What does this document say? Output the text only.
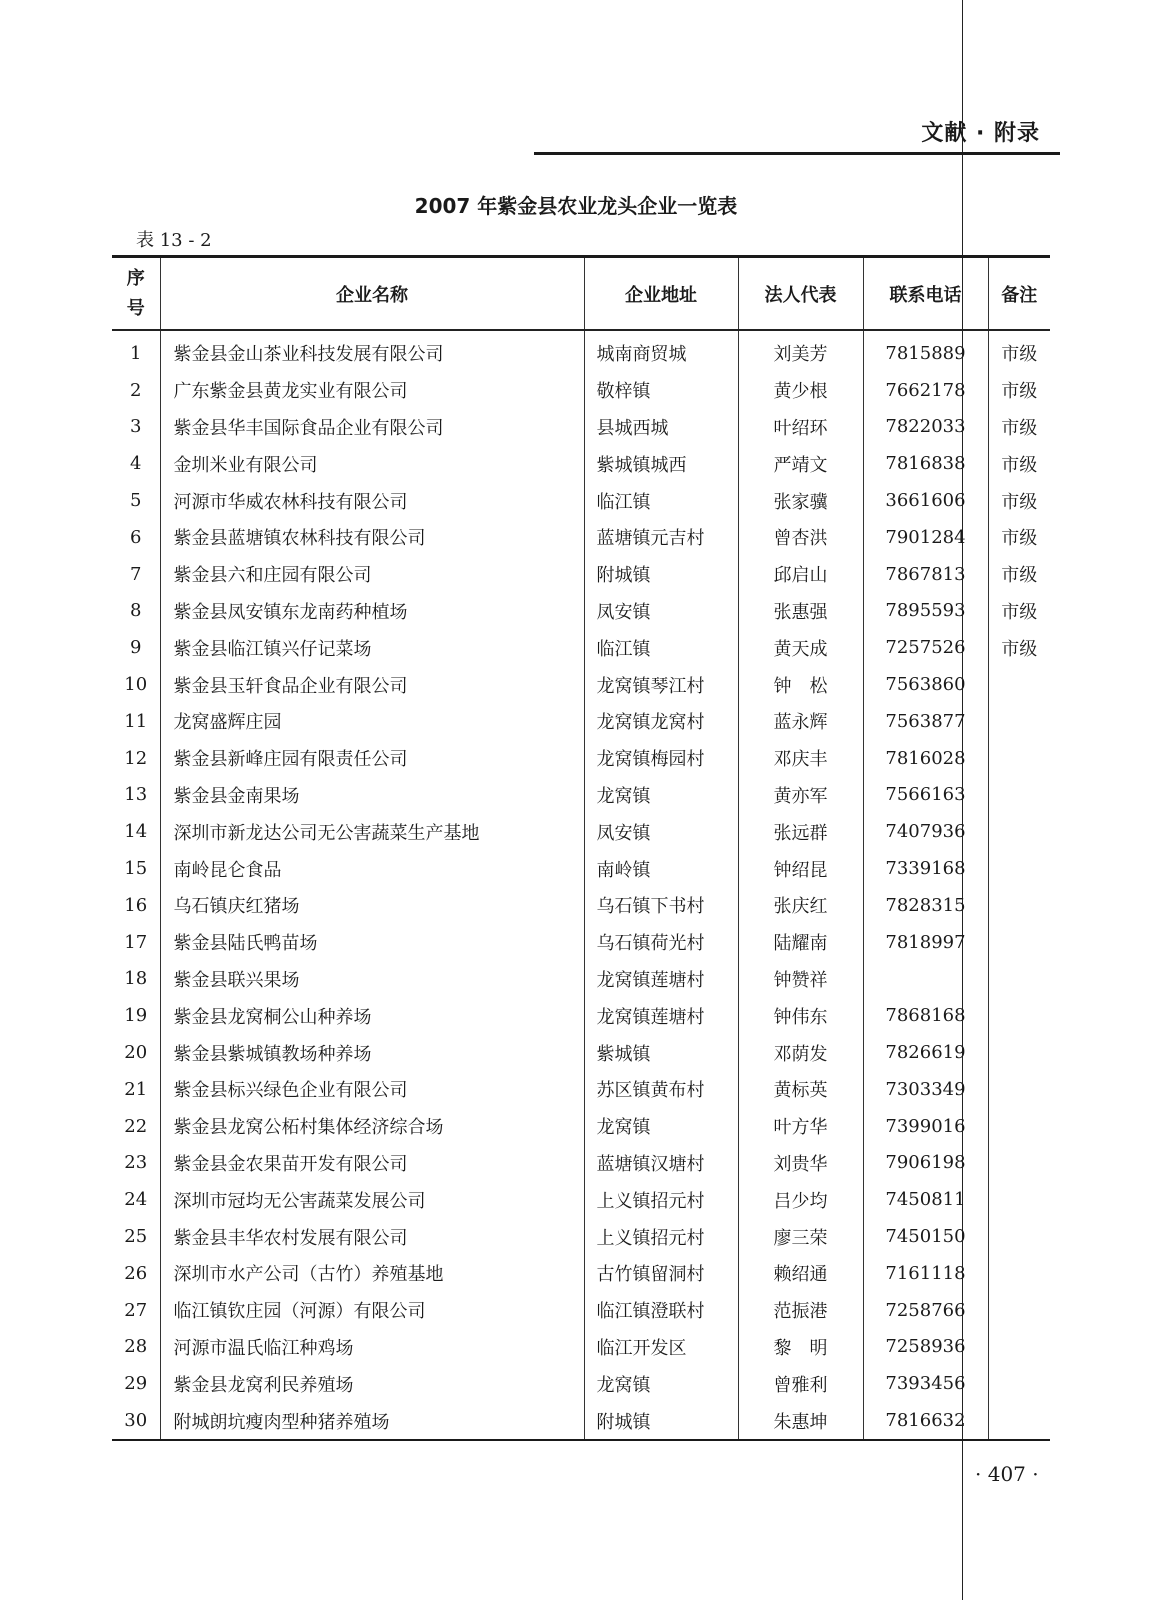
文献 · 附录
2007 年紫金县农业龙头企业一览表
表 13 - 2
序
号	企业名称	企业地址	法人代表	联系电话	备注
1	紫金县金山茶业科技发展有限公司	城南商贸城	刘美芳	7815889	市级
2	广东紫金县黄龙实业有限公司	敬梓镇	黄少根	7662178	市级
3	紫金县华丰国际食品企业有限公司	县城西城	叶绍环	7822033	市级
4	金圳米业有限公司	紫城镇城西	严靖文	7816838	市级
5	河源市华威农林科技有限公司	临江镇	张家骥	3661606	市级
6	紫金县蓝塘镇农林科技有限公司	蓝塘镇元吉村	曾杏洪	7901284	市级
7	紫金县六和庄园有限公司	附城镇	邱启山	7867813	市级
8	紫金县凤安镇东龙南药种植场	凤安镇	张惠强	7895593	市级
9	紫金县临江镇兴仔记菜场	临江镇	黄天成	7257526	市级
10	紫金县玉轩食品企业有限公司	龙窝镇琴江村	钟　松	7563860	
11	龙窝盛辉庄园	龙窝镇龙窝村	蓝永辉	7563877	
12	紫金县新峰庄园有限责任公司	龙窝镇梅园村	邓庆丰	7816028	
13	紫金县金南果场	龙窝镇	黄亦军	7566163	
14	深圳市新龙达公司无公害蔬菜生产基地	凤安镇	张远群	7407936	
15	南岭昆仑食品	南岭镇	钟绍昆	7339168	
16	乌石镇庆红猪场	乌石镇下书村	张庆红	7828315	
17	紫金县陆氏鸭苗场	乌石镇荷光村	陆耀南	7818997	
18	紫金县联兴果场	龙窝镇莲塘村	钟赞祥		
19	紫金县龙窝桐公山种养场	龙窝镇莲塘村	钟伟东	7868168	
20	紫金县紫城镇教场种养场	紫城镇	邓荫发	7826619	
21	紫金县标兴绿色企业有限公司	苏区镇黄布村	黄标英	7303349	
22	紫金县龙窝公柘村集体经济综合场	龙窝镇	叶方华	7399016	
23	紫金县金农果苗开发有限公司	蓝塘镇汉塘村	刘贵华	7906198	
24	深圳市冠均无公害蔬菜发展公司	上义镇招元村	吕少均	7450811	
25	紫金县丰华农村发展有限公司	上义镇招元村	廖三荣	7450150	
26	深圳市水产公司（古竹）养殖基地	古竹镇留洞村	赖绍通	7161118	
27	临江镇钦庄园（河源）有限公司	临江镇澄联村	范振港	7258766	
28	河源市温氏临江种鸡场	临江开发区	黎　明	7258936	
29	紫金县龙窝利民养殖场	龙窝镇	曾雅利	7393456	
30	附城朗坑瘦肉型种猪养殖场	附城镇	朱惠坤	7816632	
· 407 ·
